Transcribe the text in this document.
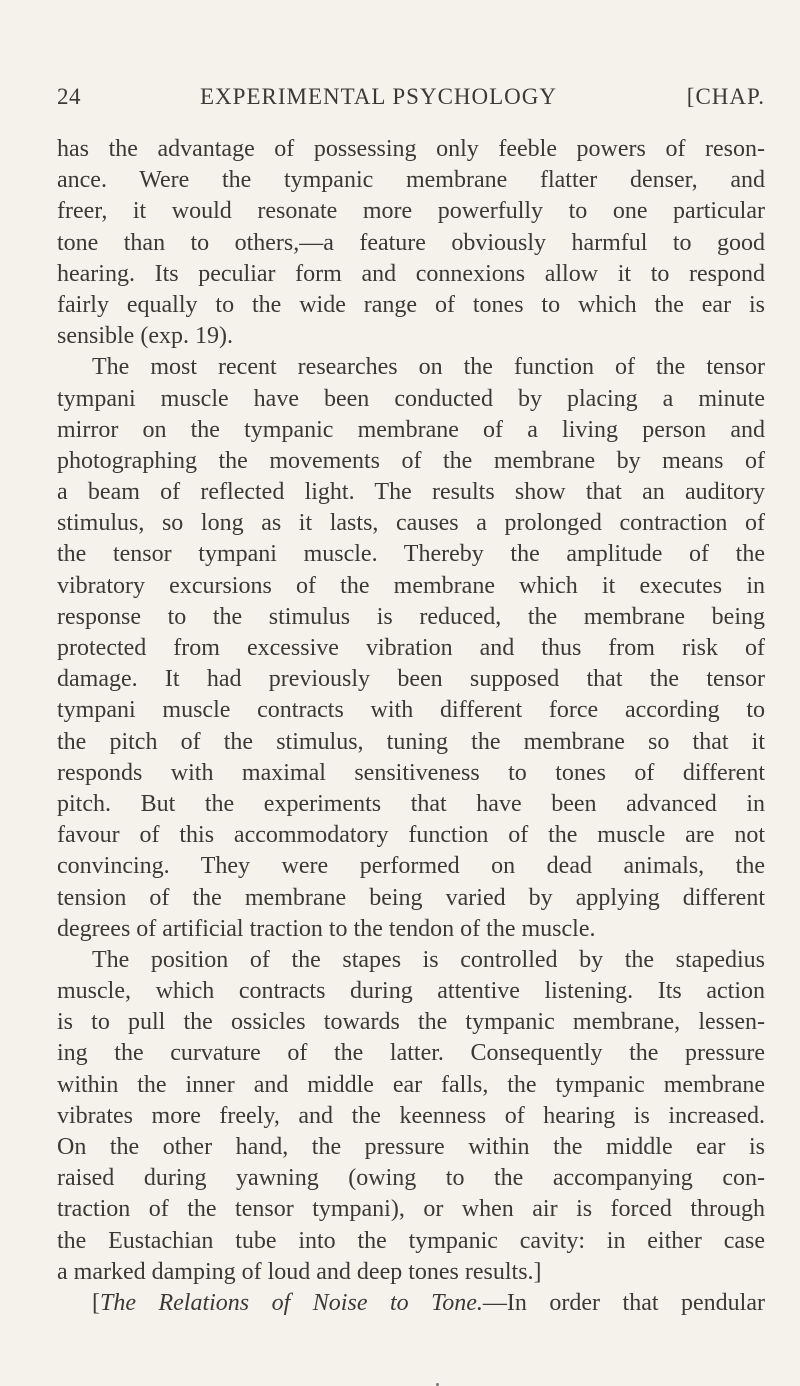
24	EXPERIMENTAL PSYCHOLOGY	[CHAP.
has the advantage of possessing only feeble powers of reson-
ance. Were the tympanic membrane flatter denser, and
freer, it would resonate more powerfully to one particular
tone than to others,—a feature obviously harmful to good
hearing. Its peculiar form and connexions allow it to respond
fairly equally to the wide range of tones to which the ear is
sensible (exp. 19).
The most recent researches on the function of the tensor
tympani muscle have been conducted by placing a minute
mirror on the tympanic membrane of a living person and
photographing the movements of the membrane by means of
a beam of reflected light. The results show that an auditory
stimulus, so long as it lasts, causes a prolonged contraction of
the tensor tympani muscle. Thereby the amplitude of the
vibratory excursions of the membrane which it executes in
response to the stimulus is reduced, the membrane being
protected from excessive vibration and thus from risk of
damage. It had previously been supposed that the tensor
tympani muscle contracts with different force according to
the pitch of the stimulus, tuning the membrane so that it
responds with maximal sensitiveness to tones of different
pitch. But the experiments that have been advanced in
favour of this accommodatory function of the muscle are not
convincing. They were performed on dead animals, the
tension of the membrane being varied by applying different
degrees of artificial traction to the tendon of the muscle.
The position of the stapes is controlled by the stapedius
muscle, which contracts during attentive listening. Its action
is to pull the ossicles towards the tympanic membrane, lessen-
ing the curvature of the latter. Consequently the pressure
within the inner and middle ear falls, the tympanic membrane
vibrates more freely, and the keenness of hearing is increased.
On the other hand, the pressure within the middle ear is
raised during yawning (owing to the accompanying con-
traction of the tensor tympani), or when air is forced through
the Eustachian tube into the tympanic cavity: in either case
a marked damping of loud and deep tones results.]
[The Relations of Noise to Tone.—In order that pendular
